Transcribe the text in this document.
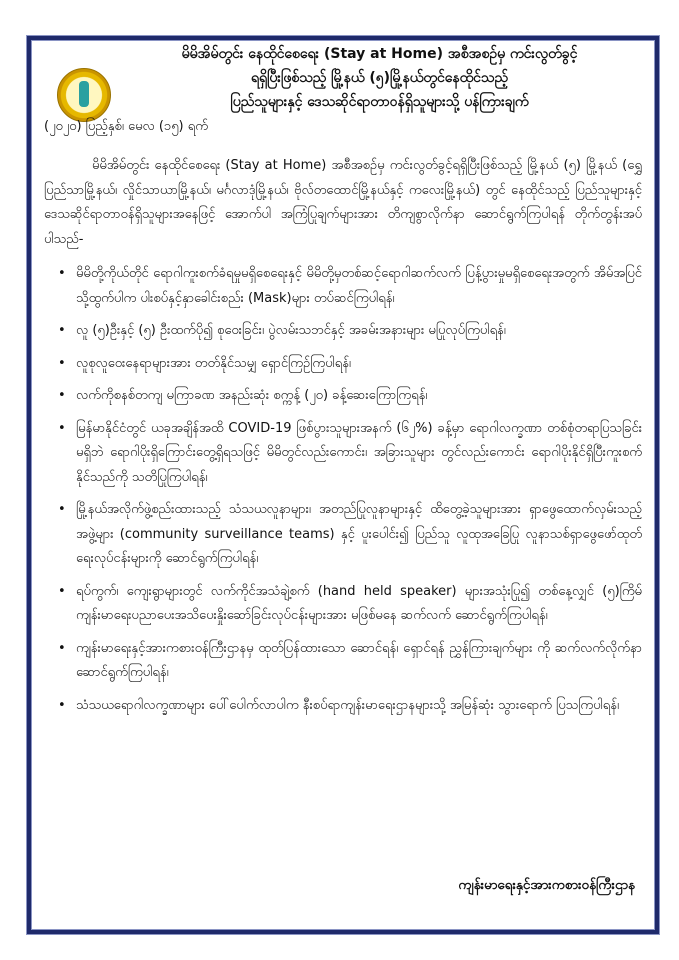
မိမိအိမ်တွင်း နေထိုင်စေရေး (Stay at Home) အစီအစဉ်မှ ကင်းလွတ်ခွင့်
ရရှိပြီးဖြစ်သည့် မြို့နယ် (၅)မြို့နယ်တွင်နေထိုင်သည့်
ပြည်သူများနှင့် ဒေသဆိုင်ရာတာဝန်ရှိသူများသို့ ပန်ကြားချက်
(၂၀၂၀) ပြည့်နှစ်၊ မေလ (၁၅) ရက်
မိမိအိမ်တွင်း နေထိုင်စေရေး (Stay at Home) အစီအစဉ်မှ ကင်းလွတ်ခွင့်ရရှိပြီးဖြစ်သည့် မြို့နယ် (၅) မြို့နယ် (ရွှေပြည်သာမြို့နယ်၊ လှိုင်သာယာမြို့နယ်၊ မင်္ဂလာဒုံမြို့နယ်၊ ဗိုလ်တထောင်မြို့နယ်နှင့် ကလေးမြို့နယ်) တွင် နေထိုင်သည့် ပြည်သူများနှင့် ဒေသဆိုင်ရာတာဝန်ရှိသူများအနေဖြင့် အောက်ပါ အကြံပြုချက်များအား တိကျစွာလိုက်နာ ဆောင်ရွက်ကြပါရန် တိုက်တွန်းအပ်ပါသည်-
• မိမိတို့ကိုယ်တိုင် ရောဂါကူးစက်ခံရမှုမရှိစေရေးနှင့် မိမိတို့မှတစ်ဆင့်ရောဂါဆက်လက် ပြန့်ပွားမှုမရှိစေရေးအတွက် အိမ်အပြင်သို့ထွက်ပါက ပါးစပ်နှင့်နှာခေါင်းစည်း (Mask)များ တပ်ဆင်ကြပါရန်၊
• လူ (၅)ဦးနှင့် (၅) ဦးထက်ပို၍ စုဝေးခြင်း၊ ပွဲလမ်းသဘင်နှင့် အခမ်းအနားများ မပြုလုပ်ကြပါရန်၊
• လူစုလူဝေးနေရာများအား တတ်နိုင်သမျှ ရှောင်ကြဉ်ကြပါရန်၊
• လက်ကိုစနစ်တကျ မကြာခဏ အနည်းဆုံး စက္ကန့် (၂၀) ခန့်ဆေးကြောကြရန်၊
• မြန်မာနိုင်ငံတွင် ယခုအချိန်အထိ COVID-19 ဖြစ်ပွားသူများအနက် (၆၂%) ခန့်မှာ ရောဂါလက္ခဏာ တစ်စုံတရာပြသခြင်းမရှိဘဲ ရောဂါပိုးရှိကြောင်းတွေ့ရှိရသဖြင့် မိမိတွင်လည်းကောင်း၊ အခြားသူများ တွင်လည်းကောင်း ရောဂါပိုးနိုင်ရှိပြီးကူးစက်နိုင်သည်ကို သတိပြုကြပါရန်၊
• မြို့နယ်အလိုက်ဖွဲ့စည်းထားသည့် သံသယလူနာများ၊ အတည်ပြုလူနာများနှင့် ထိတွေ့ခဲ့သူများအား ရှာဖွေထောက်လှမ်းသည့်အဖွဲ့များ (community surveillance teams) နှင့် ပူးပေါင်း၍ ပြည်သူ လူထုအခြေပြု လူနာသစ်ရှာဖွေဖော်ထုတ်ရေးလုပ်ငန်းများကို ဆောင်ရွက်ကြပါရန်၊
• ရပ်ကွက်၊ ကျေးရွာများတွင် လက်ကိုင်အသံချဲ့စက် (hand held speaker) များအသုံးပြု၍ တစ်နေ့လျှင် (၅)ကြိမ် ကျန်းမာရေးပညာပေးအသိပေးနှိုးဆော်ခြင်းလုပ်ငန်းများအား မဖြစ်မနေ ဆက်လက် ဆောင်ရွက်ကြပါရန်၊
• ကျန်းမာရေးနှင့်အားကစားဝန်ကြီးဌာနမှ ထုတ်ပြန်ထားသော ဆောင်ရန်၊ ရှောင်ရန် ညွှန်ကြားချက်များ ကို ဆက်လက်လိုက်နာဆောင်ရွက်ကြပါရန်၊
• သံသယရောဂါလက္ခဏာများ ပေါ်ပေါက်လာပါက နီးစပ်ရာကျန်းမာရေးဌာနများသို့ အမြန်ဆုံး သွားရောက် ပြသကြပါရန်၊
ကျန်းမာရေးနှင့်အားကစားဝန်ကြီးဌာန
